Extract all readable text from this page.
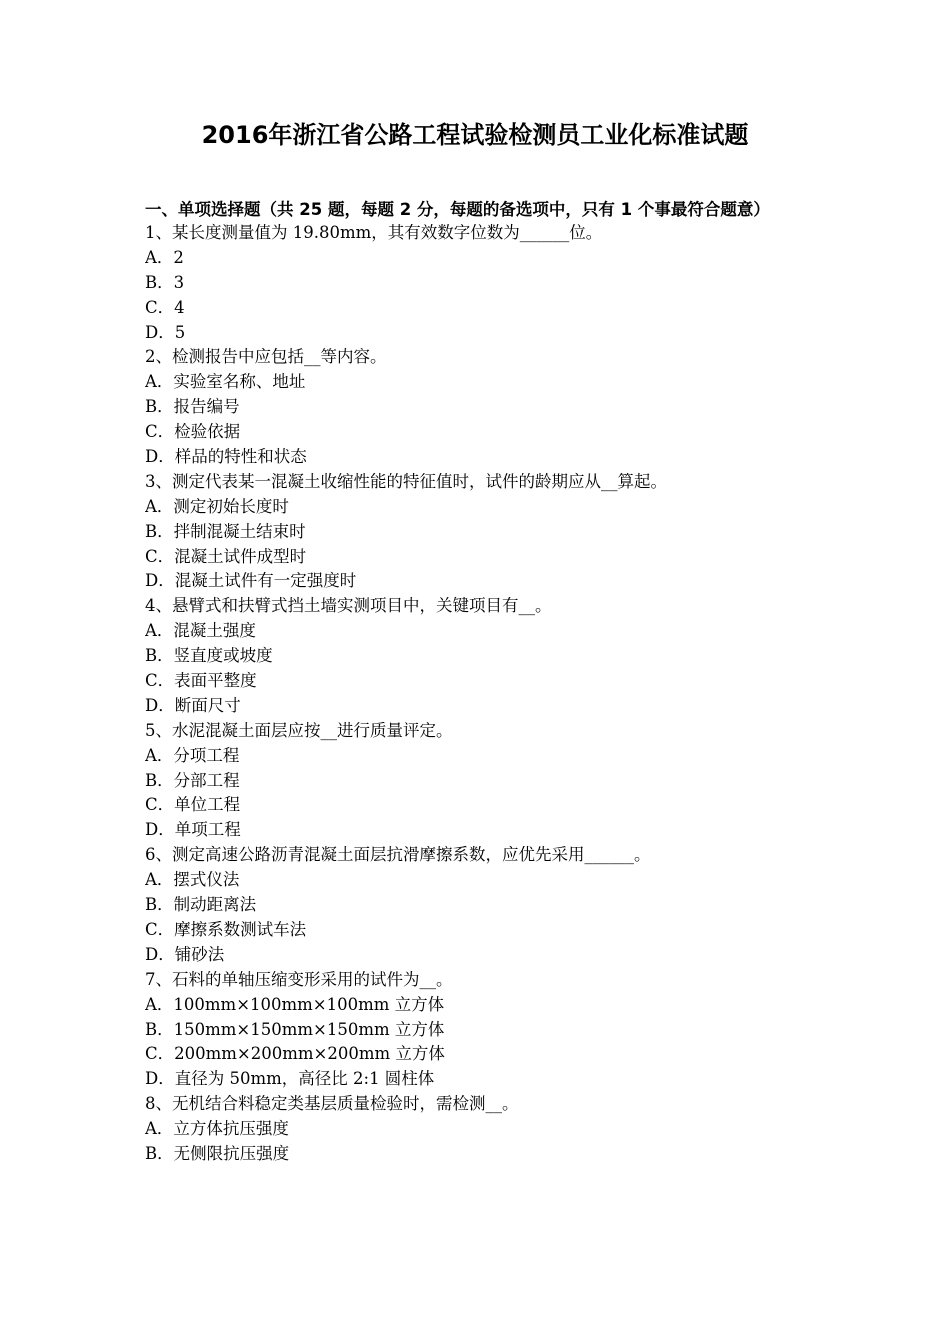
2016年浙江省公路工程试验检测员工业化标准试题

一、单项选择题（共 25 题，每题 2 分，每题的备选项中，只有 1 个事最符合题意）

1、某长度测量值为 19.80mm，其有效数字位数为______位。
A．2
B．3
C．4
D．5
2、检测报告中应包括__等内容。
A．实验室名称、地址
B．报告编号
C．检验依据
D．样品的特性和状态
3、测定代表某一混凝土收缩性能的特征值时，试件的龄期应从__算起。
A．测定初始长度时
B．拌制混凝土结束时
C．混凝土试件成型时
D．混凝土试件有一定强度时
4、悬臂式和扶臂式挡土墙实测项目中，关键项目有__。
A．混凝土强度
B．竖直度或坡度
C．表面平整度
D．断面尺寸
5、水泥混凝土面层应按__进行质量评定。
A．分项工程
B．分部工程
C．单位工程
D．单项工程
6、测定高速公路沥青混凝土面层抗滑摩擦系数，应优先采用______。
A．摆式仪法
B．制动距离法
C．摩擦系数测试车法
D．铺砂法
7、石料的单轴压缩变形采用的试件为__。
A．100mm×100mm×100mm 立方体
B．150mm×150mm×150mm 立方体
C．200mm×200mm×200mm 立方体
D．直径为 50mm，高径比 2:1 圆柱体
8、无机结合料稳定类基层质量检验时，需检测__。
A．立方体抗压强度
B．无侧限抗压强度
